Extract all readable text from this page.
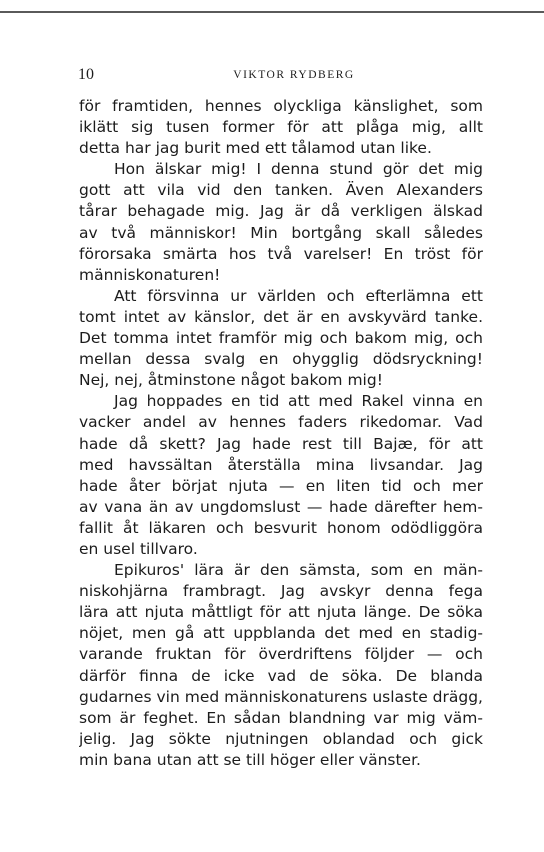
10	VIKTOR RYDBERG
för framtiden, hennes olyckliga känslighet, som
iklätt sig tusen former för att plåga mig, allt
detta har jag burit med ett tålamod utan like.
Hon älskar mig! I denna stund gör det mig
gott att vila vid den tanken. Även Alexanders
tårar behagade mig. Jag är då verkligen älskad
av två människor! Min bortgång skall således
förorsaka smärta hos två varelser! En tröst för
människonaturen!
Att försvinna ur världen och efterlämna ett
tomt intet av känslor, det är en avskyvärd tanke.
Det tomma intet framför mig och bakom mig, och
mellan dessa svalg en ohygglig dödsryckning!
Nej, nej, åtminstone något bakom mig!
Jag hoppades en tid att med Rakel vinna en
vacker andel av hennes faders rikedomar. Vad
hade då skett? Jag hade rest till Bajæ, för att
med havssältan återställa mina livsandar. Jag
hade åter börjat njuta — en liten tid och mer
av vana än av ungdomslust — hade därefter hem-
fallit åt läkaren och besvurit honom odödliggöra
en usel tillvaro.
Epikuros' lära är den sämsta, som en män-
niskohjärna frambragt. Jag avskyr denna fega
lära att njuta måttligt för att njuta länge. De söka
nöjet, men gå att uppblanda det med en stadig-
varande fruktan för överdriftens följder — och
därför finna de icke vad de söka. De blanda
gudarnes vin med människonaturens uslaste drägg,
som är feghet. En sådan blandning var mig väm-
jelig. Jag sökte njutningen oblandad och gick
min bana utan att se till höger eller vänster.
